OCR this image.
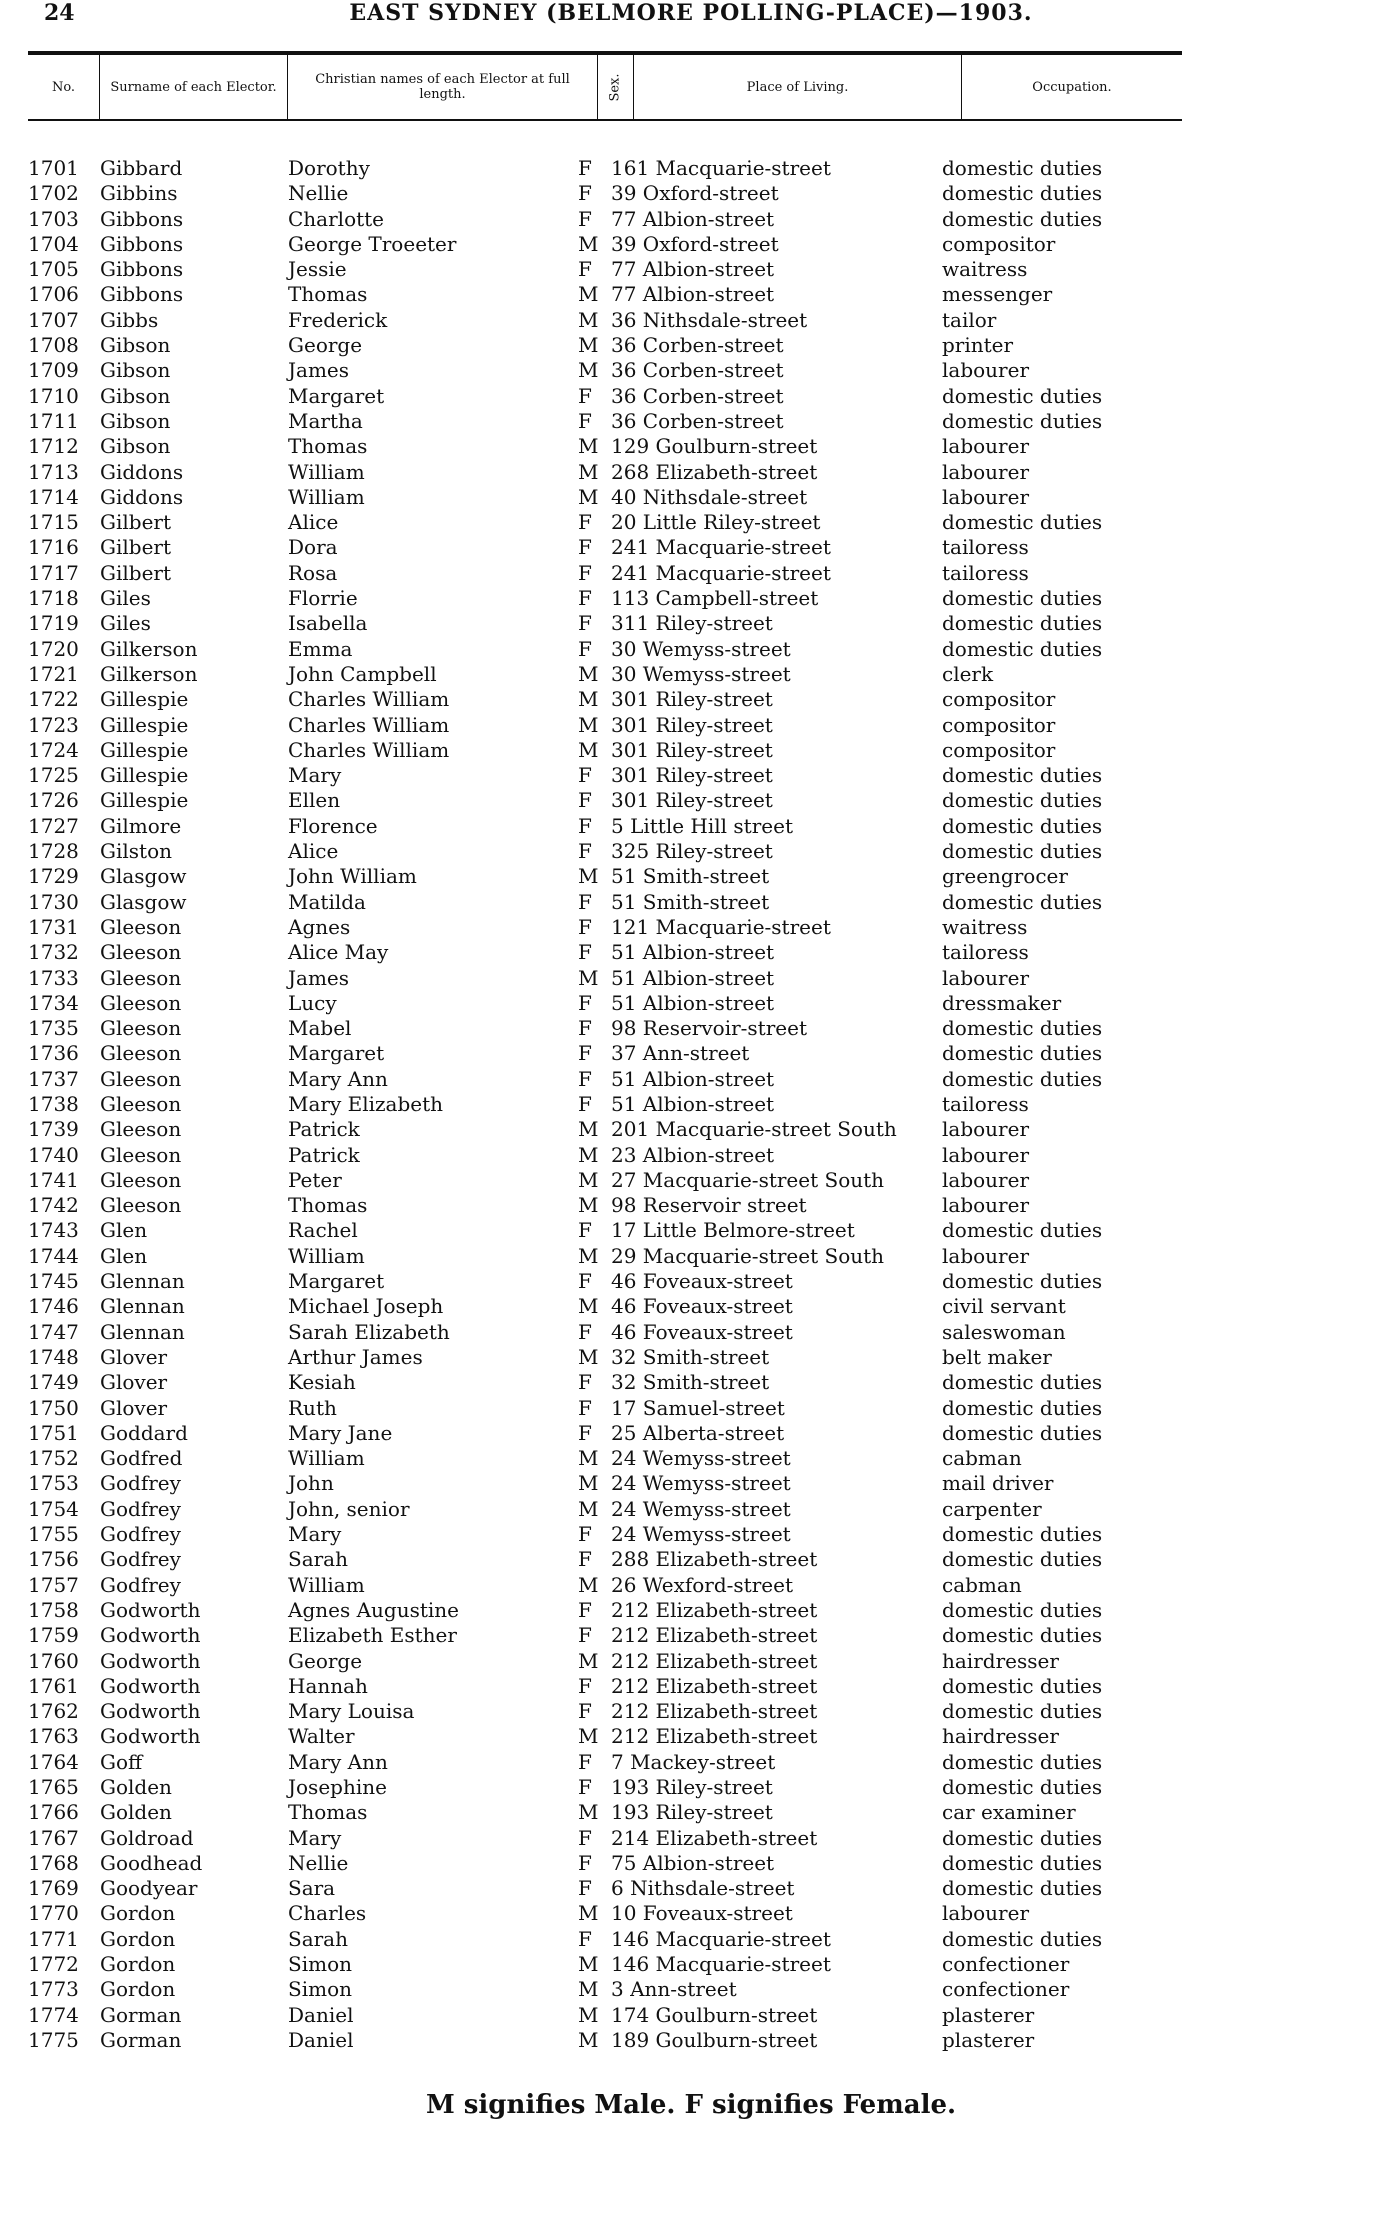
24	EAST SYDNEY (BELMORE POLLING-PLACE)—1903.
No.	Surname of each Elector.	Christian names of each Elector at full length.	Sex.	Place of Living.	Occupation.
1701 Gibbard	Dorothy	F 161 Macquarie-street	domestic duties
1702 Gibbins	Nellie	F 39 Oxford-street	domestic duties
1703 Gibbons	Charlotte	F 77 Albion-street	domestic duties
1704 Gibbons	George Troeeter	M 39 Oxford-street	compositor
1705 Gibbons	Jessie	F 77 Albion-street	waitress
1706 Gibbons	Thomas	M 77 Albion-street	messenger
1707 Gibbs	Frederick	M 36 Nithsdale-street	tailor
1708 Gibson	George	M 36 Corben-street	printer
1709 Gibson	James	M 36 Corben-street	labourer
1710 Gibson	Margaret	F 36 Corben-street	domestic duties
1711 Gibson	Martha	F 36 Corben-street	domestic duties
1712 Gibson	Thomas	M 129 Goulburn-street	labourer
1713 Giddons	William	M 268 Elizabeth-street	labourer
1714 Giddons	William	M 40 Nithsdale-street	labourer
1715 Gilbert	Alice	F 20 Little Riley-street	domestic duties
1716 Gilbert	Dora	F 241 Macquarie-street	tailoress
1717 Gilbert	Rosa	F 241 Macquarie-street	tailoress
1718 Giles	Florrie	F 113 Campbell-street	domestic duties
1719 Giles	Isabella	F 311 Riley-street	domestic duties
1720 Gilkerson	Emma	F 30 Wemyss-street	domestic duties
1721 Gilkerson	John Campbell	M 30 Wemyss-street	clerk
1722 Gillespie	Charles William	M 301 Riley-street	compositor
1723 Gillespie	Charles William	M 301 Riley-street	compositor
1724 Gillespie	Charles William	M 301 Riley-street	compositor
1725 Gillespie	Mary	F 301 Riley-street	domestic duties
1726 Gillespie	Ellen	F 301 Riley-street	domestic duties
1727 Gilmore	Florence	F 5 Little Hill street	domestic duties
1728 Gilston	Alice	F 325 Riley-street	domestic duties
1729 Glasgow	John William	M 51 Smith-street	greengrocer
1730 Glasgow	Matilda	F 51 Smith-street	domestic duties
1731 Gleeson	Agnes	F 121 Macquarie-street	waitress
1732 Gleeson	Alice May	F 51 Albion-street	tailoress
1733 Gleeson	James	M 51 Albion-street	labourer
1734 Gleeson	Lucy	F 51 Albion-street	dressmaker
1735 Gleeson	Mabel	F 98 Reservoir-street	domestic duties
1736 Gleeson	Margaret	F 37 Ann-street	domestic duties
1737 Gleeson	Mary Ann	F 51 Albion-street	domestic duties
1738 Gleeson	Mary Elizabeth	F 51 Albion-street	tailoress
1739 Gleeson	Patrick	M 201 Macquarie-street South labourer
1740 Gleeson	Patrick	M 23 Albion-street	labourer
1741 Gleeson	Peter	M 27 Macquarie-street South	labourer
1742 Gleeson	Thomas	M 98 Reservoir street	labourer
1743 Glen	Rachel	F 17 Little Belmore-street	domestic duties
1744 Glen	William	M 29 Macquarie-street South	labourer
1745 Glennan	Margaret	F 46 Foveaux-street	domestic duties
1746 Glennan	Michael Joseph	M 46 Foveaux-street	civil servant
1747 Glennan	Sarah Elizabeth	F 46 Foveaux-street	saleswoman
1748 Glover	Arthur James	M 32 Smith-street	belt maker
1749 Glover	Kesiah	F 32 Smith-street	domestic duties
1750 Glover	Ruth	F 17 Samuel-street	domestic duties
1751 Goddard	Mary Jane	F 25 Alberta-street	domestic duties
1752 Godfred	William	M 24 Wemyss-street	cabman
1753 Godfrey	John	M 24 Wemyss-street	mail driver
1754 Godfrey	John, senior	M 24 Wemyss-street	carpenter
1755 Godfrey	Mary	F 24 Wemyss-street	domestic duties
1756 Godfrey	Sarah	F 288 Elizabeth-street	domestic duties
1757 Godfrey	William	M 26 Wexford-street	cabman
1758 Godworth	Agnes Augustine	F 212 Elizabeth-street	domestic duties
1759 Godworth	Elizabeth Esther	F 212 Elizabeth-street	domestic duties
1760 Godworth	George	M 212 Elizabeth-street	hairdresser
1761 Godworth	Hannah	F 212 Elizabeth-street	domestic duties
1762 Godworth	Mary Louisa	F 212 Elizabeth-street	domestic duties
1763 Godworth	Walter	M 212 Elizabeth-street	hairdresser
1764 Goff	Mary Ann	F 7 Mackey-street	domestic duties
1765 Golden	Josephine	F 193 Riley-street	domestic duties
1766 Golden	Thomas	M 193 Riley-street	car examiner
1767 Goldroad	Mary	F 214 Elizabeth-street	domestic duties
1768 Goodhead	Nellie	F 75 Albion-street	domestic duties
1769 Goodyear	Sara	F 6 Nithsdale-street	domestic duties
1770 Gordon	Charles	M 10 Foveaux-street	labourer
1771 Gordon	Sarah	F 146 Macquarie-street	domestic duties
1772 Gordon	Simon	M 146 Macquarie-street	confectioner
1773 Gordon	Simon	M 3 Ann-street	confectioner
1774 Gorman	Daniel	M 174 Goulburn-street	plasterer
1775 Gorman	Daniel	M 189 Goulburn-street	plasterer
M signifies Male. F signifies Female.
